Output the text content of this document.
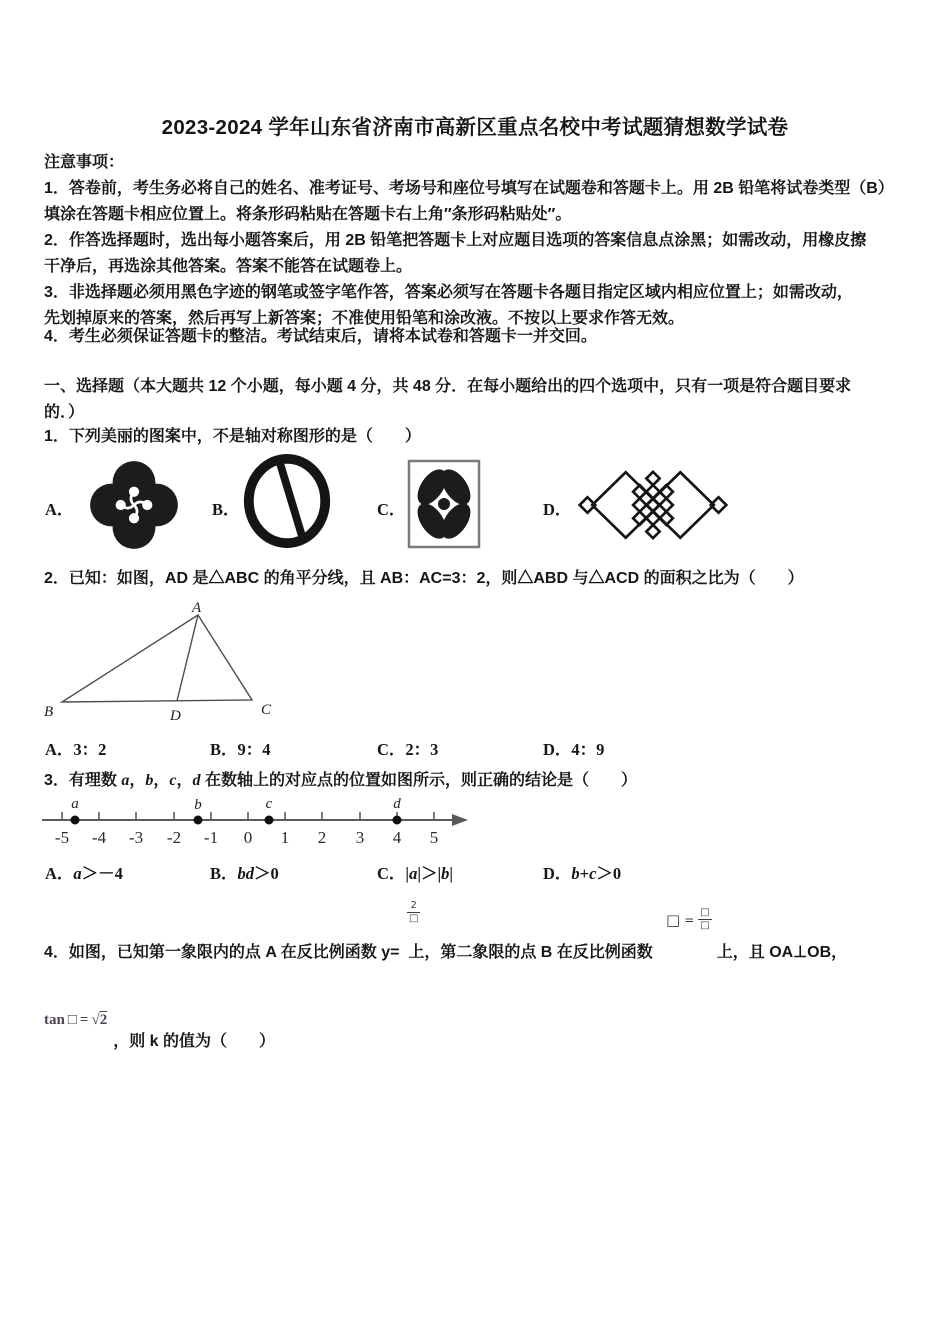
2023-2024 学年山东省济南市高新区重点名校中考试题猜想数学试卷
注意事项：
1．答卷前，考生务必将自己的姓名、准考证号、考场号和座位号填写在试题卷和答题卡上。用 2B 铅笔将试卷类型（B）
填涂在答题卡相应位置上。将条形码粘贴在答题卡右上角″条形码粘贴处″。
2．作答选择题时，选出每小题答案后，用 2B 铅笔把答题卡上对应题目选项的答案信息点涂黑；如需改动，用橡皮擦
干净后，再选涂其他答案。答案不能答在试题卷上。
3．非选择题必须用黑色字迹的钢笔或签字笔作答，答案必须写在答题卡各题目指定区域内相应位置上；如需改动，
先划掉原来的答案，然后再写上新答案；不准使用铅笔和涂改液。不按以上要求作答无效。
4．考生必须保证答题卡的整洁。考试结束后，请将本试卷和答题卡一并交回。
一、选择题（本大题共 12 个小题，每小题 4 分，共 48 分．在每小题给出的四个选项中，只有一项是符合题目要求
的．）
1．下列美丽的图案中，不是轴对称图形的是（　　）
A．	B．	C．	D．
2．已知：如图，AD 是△ABC 的角平分线，且 AB：AC=3：2，则△ABD 与△ACD 的面积之比为（　　）
A
B	D	C
A．3：2	B．9：4	C．2：3	D．4：9
3．有理数 a，b，c，d 在数轴上的对应点的位置如图所示，则正确的结论是（　　）
a	b	c	d
-5 -4 -3 -2 -1 0 1 2 3 4 5
A．a＞－4	B．bd＞0	C．|a|＞|b|	D．b+c＞0
2
□	□ = $\frac{□}{□}$
4．如图，已知第一象限内的点 A 在反比例函数 y=  上，第二象限的点 B 在反比例函数　　　　上，且 OA⊥OB，
tan □ = √2
，则 k 的值为（　　）
